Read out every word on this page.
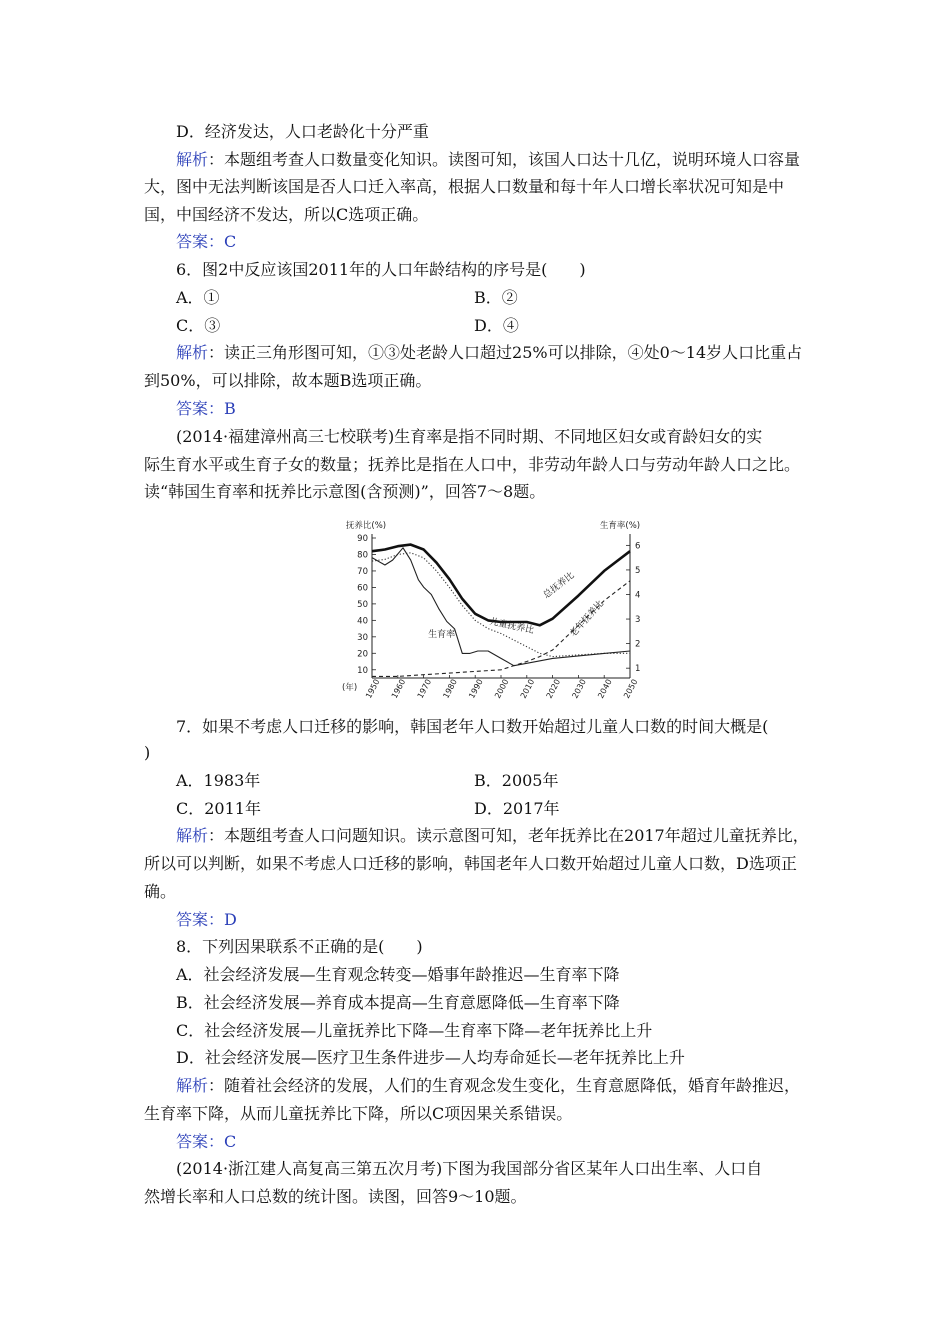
D．经济发达，人口老龄化十分严重
解析：本题组考查人口数量变化知识。读图可知，该国人口达十几亿，说明环境人口容量
大，图中无法判断该国是否人口迁入率高，根据人口数量和每十年人口增长率状况可知是中
国，中国经济不发达，所以C选项正确。
答案：C
6．图2中反应该国2011年的人口年龄结构的序号是(　　)
A．①	B．②
C．③	D．④
解析：读正三角形图可知，①③处老龄人口超过25%可以排除，④处0～14岁人口比重占
到50%，可以排除，故本题B选项正确。
答案：B
(2014·福建漳州高三七校联考)生育率是指不同时期、不同地区妇女或育龄妇女的实
际生育水平或生育子女的数量；抚养比是指在人口中，非劳动年龄人口与劳动年龄人口之比。
读“韩国生育率和抚养比示意图(含预测)”，回答7～8题。
10
20
30
40
50
60
70
80
90
1
2
3
4
5
6
1950 1960 1970 1980 1990 2000 2010 2020 2030 2040 2050
抚养比(%)	生育率(%)
(年)
总抚养比
儿童抚养比	老年抚养比
生育率
7．如果不考虑人口迁移的影响，韩国老年人口数开始超过儿童人口数的时间大概是(
)
A．1983年	B．2005年
C．2011年	D．2017年
解析：本题组考查人口问题知识。读示意图可知，老年抚养比在2017年超过儿童抚养比，
所以可以判断，如果不考虑人口迁移的影响，韩国老年人口数开始超过儿童人口数，D选项正
确。
答案：D
8．下列因果联系不正确的是(　　)
A．社会经济发展—生育观念转变—婚事年龄推迟—生育率下降
B．社会经济发展—养育成本提高—生育意愿降低—生育率下降
C．社会经济发展—儿童抚养比下降—生育率下降—老年抚养比上升
D．社会经济发展—医疗卫生条件进步—人均寿命延长—老年抚养比上升
解析：随着社会经济的发展，人们的生育观念发生变化，生育意愿降低，婚育年龄推迟，
生育率下降，从而儿童抚养比下降，所以C项因果关系错误。
答案：C
(2014·浙江建人高复高三第五次月考)下图为我国部分省区某年人口出生率、人口自
然增长率和人口总数的统计图。读图，回答9～10题。
